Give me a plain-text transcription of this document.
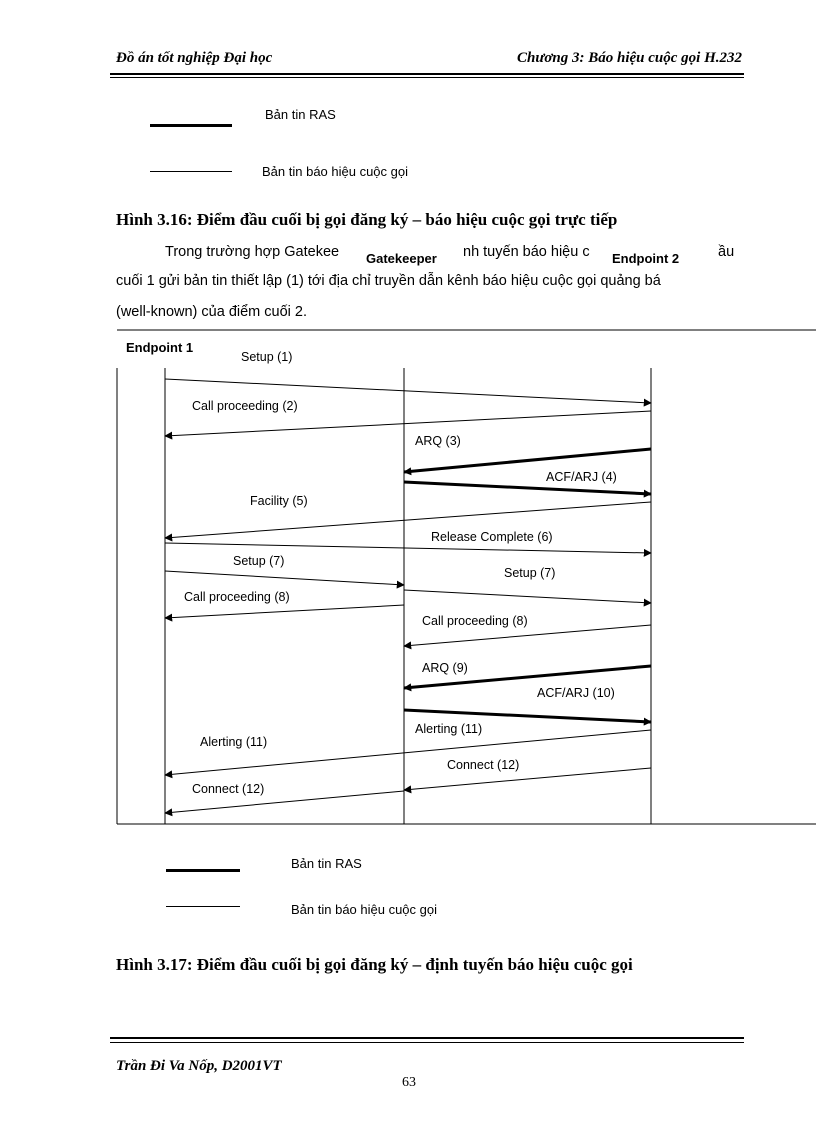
Đồ án tốt nghiệp Đại học	Chương 3: Báo hiệu cuộc gọi H.232
Bản tin RAS
Bản tin báo hiệu cuộc gọi
Hình 3.16: Điểm đầu cuối bị gọi đăng ký – báo hiệu cuộc gọi trực tiếp
Trong trường hợp Gatekee	nh tuyến báo hiệu c	ầu
cuối 1 gửi bản tin thiết lập (1) tới địa chỉ truyền dẫn kênh báo hiệu cuộc gọi quảng bá
(well-known) của điểm cuối 2.
Endpoint 1
Gatekeeper	Endpoint 2
Setup (1)
Call proceeding (2)
ARQ (3)
ACF/ARJ (4)
Facility (5)
Release Complete (6)
Setup (7)
Setup (7)
Call proceeding (8)
Call proceeding (8)
ARQ (9)
ACF/ARJ (10)
Alerting (11)
Alerting (11)
Connect (12)
Connect (12)
Bản tin RAS
Bản tin báo hiệu cuộc gọi
Hình 3.17: Điểm đầu cuối bị gọi đăng ký – định tuyến báo hiệu cuộc gọi
Trần Đi Va Nốp, D2001VT
63
